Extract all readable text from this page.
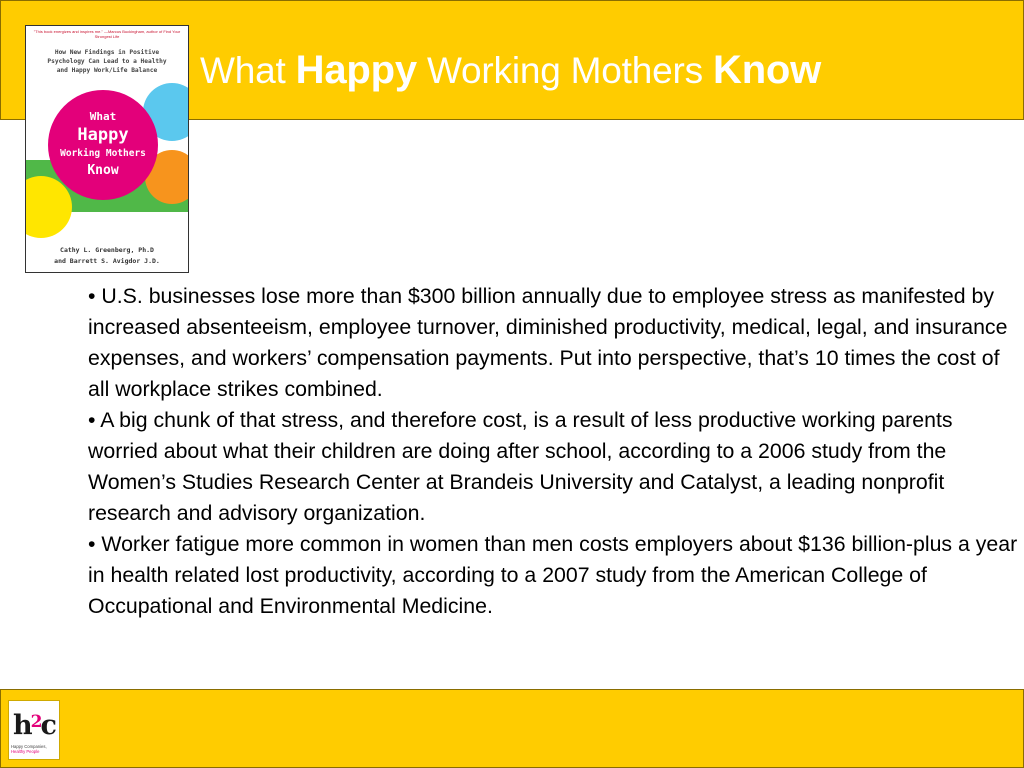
What Happy Working Mothers Know
"This book energizes and inspires me." —Marcus Buckingham, author of Find Your Strongest Life
How New Findings in Positive
Psychology Can Lead to a Healthy
and Happy Work/Life Balance
What
Happy
Working Mothers
Know
Cathy L. Greenberg, Ph.D
and Barrett S. Avigdor J.D.

• U.S. businesses lose more than $300 billion annually due to employee stress as manifested by increased absenteeism, employee turnover, diminished productivity, medical, legal, and insurance expenses, and workers’ compensation payments. Put into perspective, that’s 10 times the cost of all workplace strikes combined.

• A big chunk of that stress, and therefore cost, is a result of less productive working parents worried about what their children are doing after school, according to a 2006 study from the Women’s Studies Research Center at Brandeis University and Catalyst, a leading nonprofit research and advisory organization.

• Worker fatigue more common in women than men costs employers about $136 billion-plus a year in health related lost productivity, according to a 2007 study from the American College of Occupational and Environmental Medicine.

$h^2c$
Happy Companies,
Healthy People
